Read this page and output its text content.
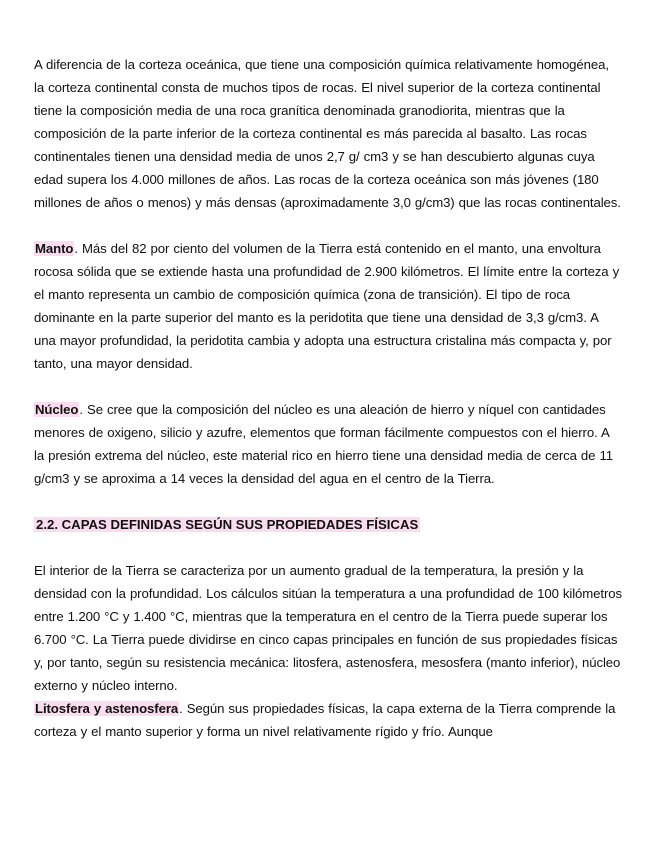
A diferencia de la corteza oceánica, que tiene una composición química relativamente homogénea, la corteza continental consta de muchos tipos de rocas. El nivel superior de la corteza continental tiene la composición media de una roca granítica denominada granodiorita, mientras que la composición de la parte inferior de la corteza continental es más parecida al basalto. Las rocas continentales tienen una densidad media de unos 2,7 g/ cm3 y se han descubierto algunas cuya edad supera los 4.000 millones de años. Las rocas de la corteza oceánica son más jóvenes (180 millones de años o menos) y más densas (aproximadamente 3,0 g/cm3) que las rocas continentales.

Manto. Más del 82 por ciento del volumen de la Tierra está contenido en el manto, una envoltura rocosa sólida que se extiende hasta una profundidad de 2.900 kilómetros. El límite entre la corteza y el manto representa un cambio de composición química (zona de transición). El tipo de roca dominante en la parte superior del manto es la peridotita que tiene una densidad de 3,3 g/cm3. A una mayor profundidad, la peridotita cambia y adopta una estructura cristalina más compacta y, por tanto, una mayor densidad.

Núcleo. Se cree que la composición del núcleo es una aleación de hierro y níquel con cantidades menores de oxigeno, silicio y azufre, elementos que forman fácilmente compuestos con el hierro. A la presión extrema del núcleo, este material rico en hierro tiene una densidad media de cerca de 11 g/cm3 y se aproxima a 14 veces la densidad del agua en el centro de la Tierra.

2.2. CAPAS DEFINIDAS SEGÚN SUS PROPIEDADES FÍSICAS

El interior de la Tierra se caracteriza por un aumento gradual de la temperatura, la presión y la densidad con la profundidad. Los cálculos sitúan la temperatura a una profundidad de 100 kilómetros entre 1.200 °C y 1.400 °C, mientras que la temperatura en el centro de la Tierra puede superar los 6.700 °C. La Tierra puede dividirse en cinco capas principales en función de sus propiedades físicas y, por tanto, según su resistencia mecánica: litosfera, astenosfera, mesosfera (manto inferior), núcleo externo y núcleo interno.

Litosfera y astenosfera. Según sus propiedades físicas, la capa externa de la Tierra comprende la corteza y el manto superior y forma un nivel relativamente rígido y frío. Aunque
